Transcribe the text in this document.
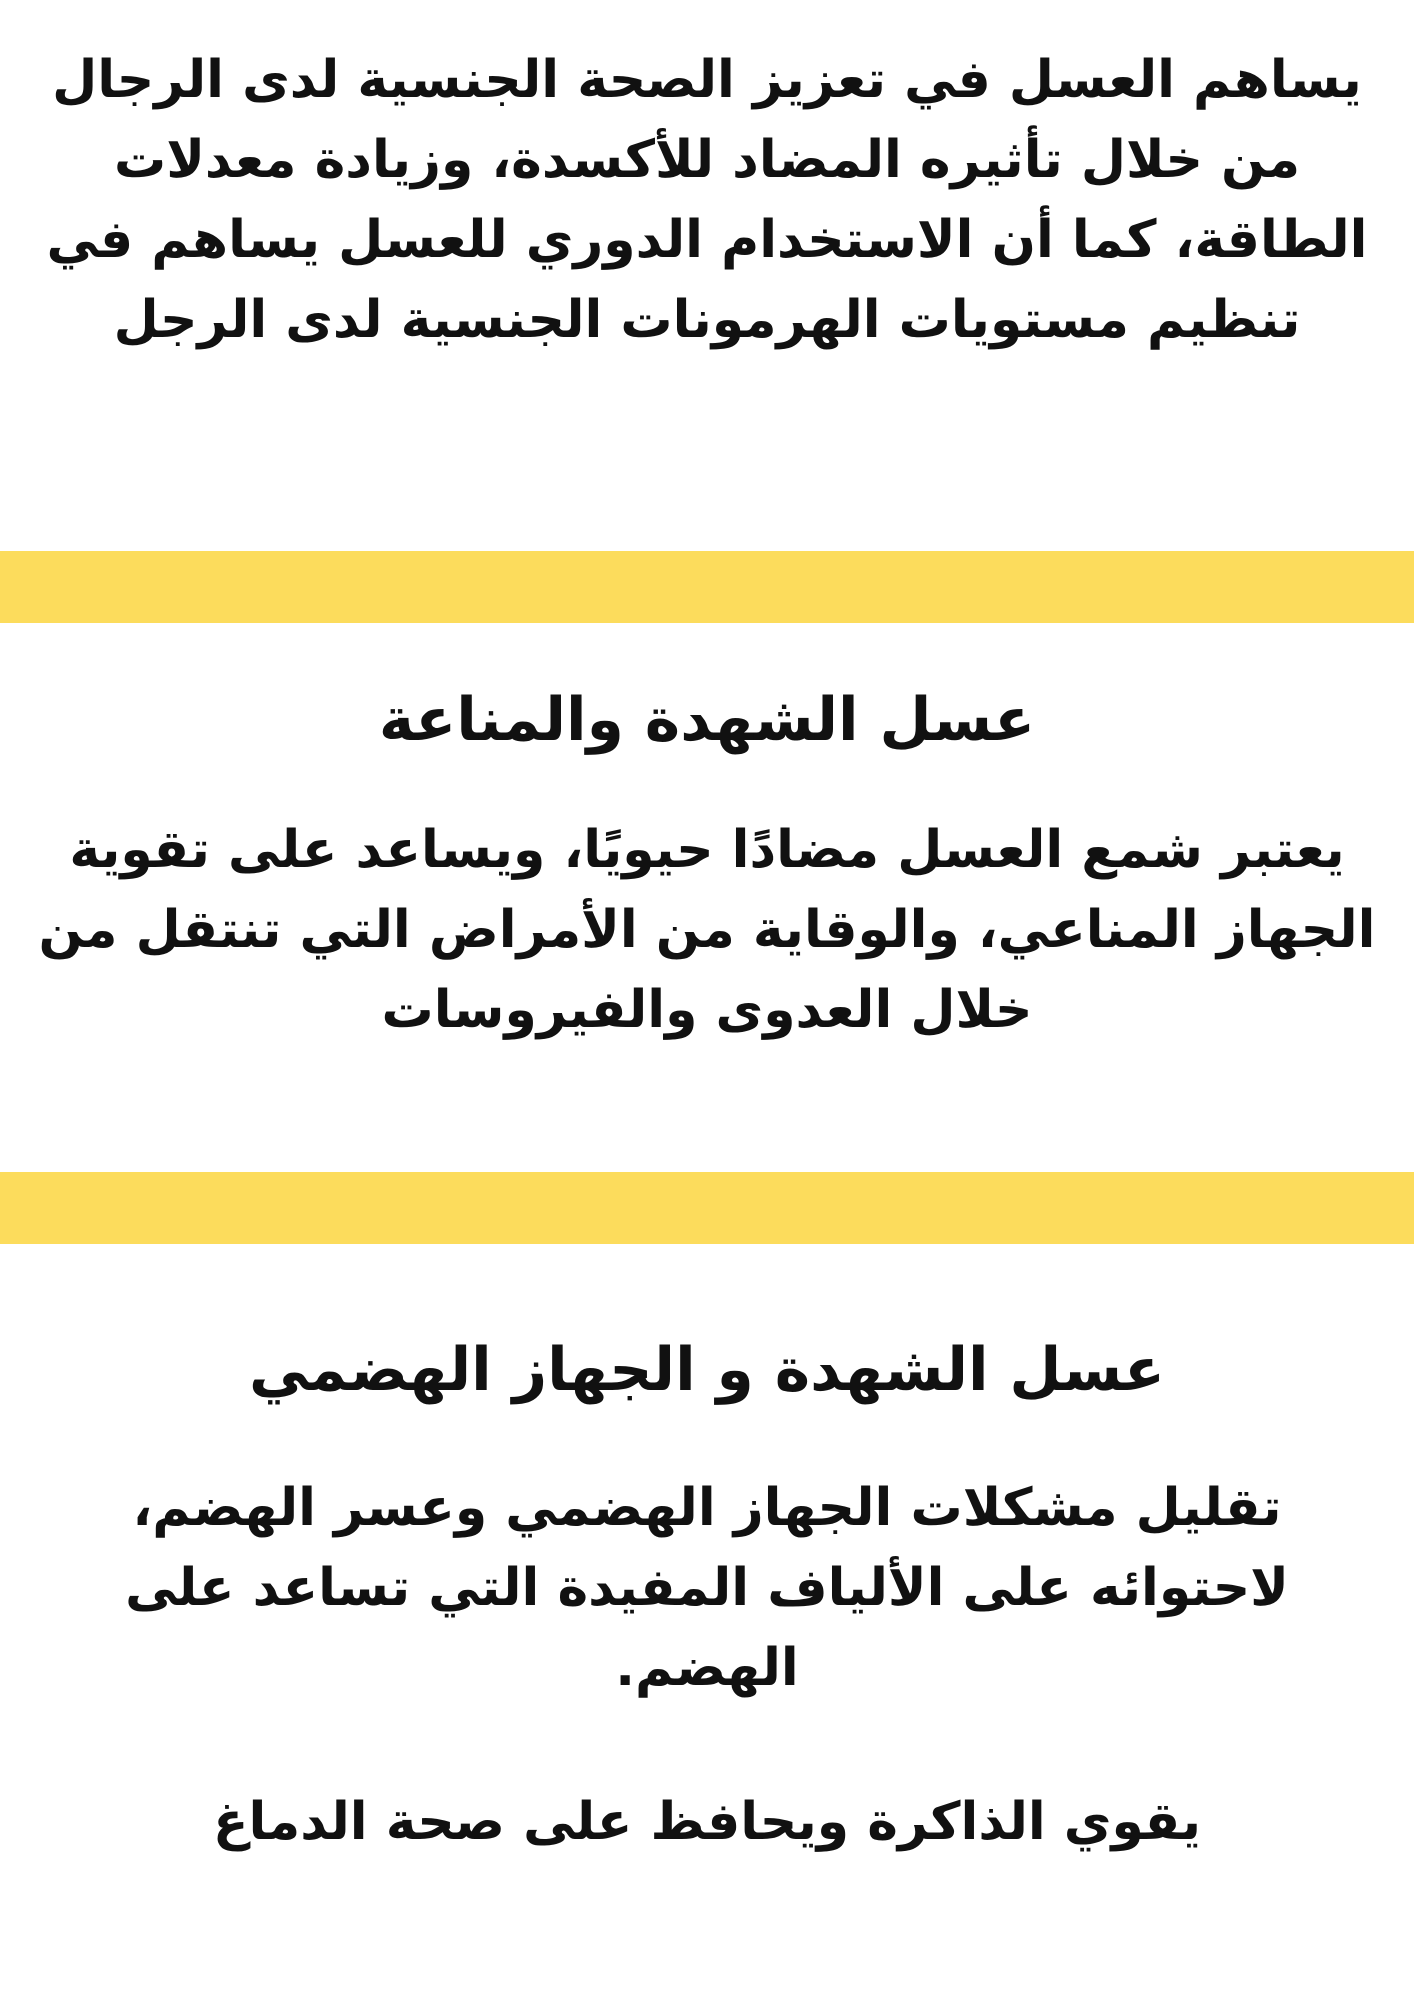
يساهم العسل في تعزيز الصحة الجنسية لدى الرجال من خلال تأثيره المضاد للأكسدة، وزيادة معدلات الطاقة، كما أن الاستخدام الدوري للعسل يساهم في تنظيم مستويات الهرمونات الجنسية لدى الرجل

عسل الشهدة والمناعة

يعتبر شمع العسل مضادًا حيويًا، ويساعد على تقوية الجهاز المناعي، والوقاية من الأمراض التي تنتقل من خلال العدوى والفيروسات

عسل الشهدة و الجهاز الهضمي

تقليل مشكلات الجهاز الهضمي وعسر الهضم، لاحتوائه على الألياف المفيدة التي تساعد على الهضم.

يقوي الذاكرة ويحافظ على صحة الدماغ
